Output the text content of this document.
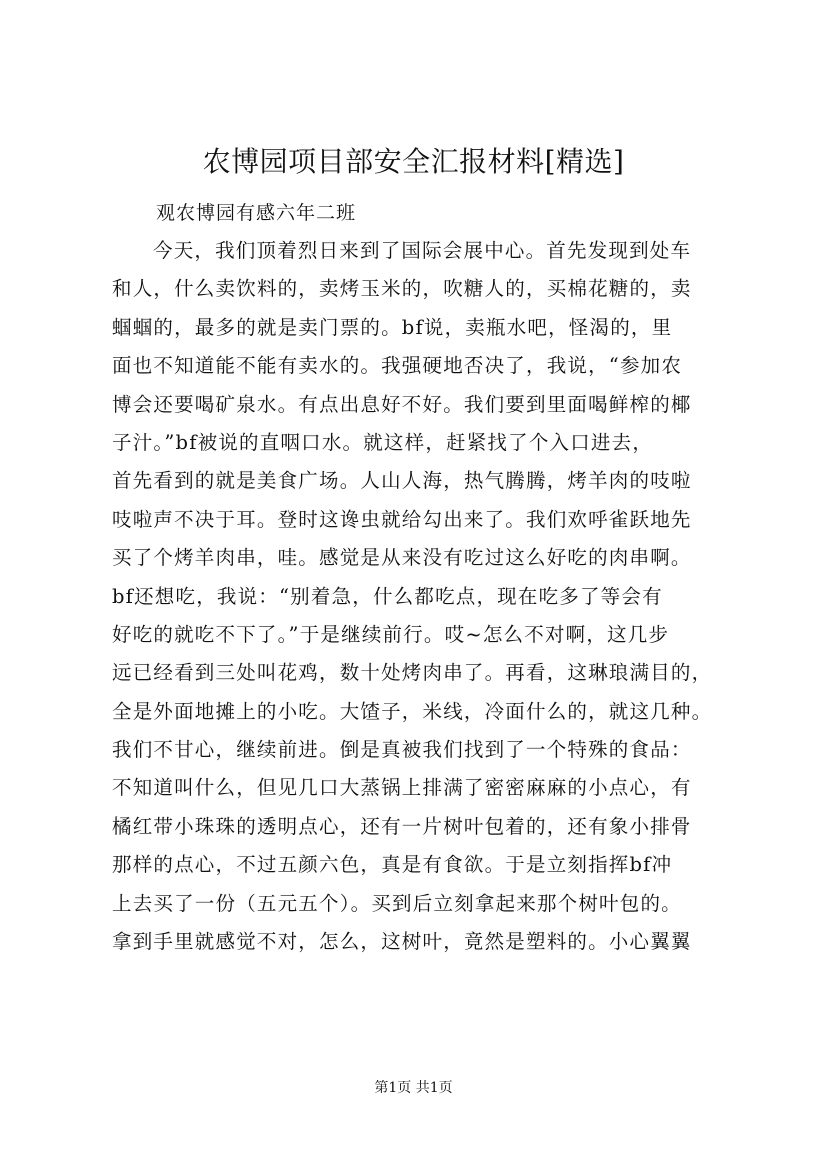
农博园项目部安全汇报材料[精选]
观农博园有感六年二班
今天，我们顶着烈日来到了国际会展中心。首先发现到处车
和人，什么卖饮料的，卖烤玉米的，吹糖人的，买棉花糖的，卖
蝈蝈的，最多的就是卖门票的。bf说，卖瓶水吧，怪渴的，里
面也不知道能不能有卖水的。我强硬地否决了，我说，“参加农
博会还要喝矿泉水。有点出息好不好。我们要到里面喝鲜榨的椰
子汁。”bf被说的直咽口水。就这样，赶紧找了个入口进去，
首先看到的就是美食广场。人山人海，热气腾腾，烤羊肉的吱啦
吱啦声不决于耳。登时这谗虫就给勾出来了。我们欢呼雀跃地先
买了个烤羊肉串，哇。感觉是从来没有吃过这么好吃的肉串啊。
bf还想吃，我说：“别着急，什么都吃点，现在吃多了等会有
好吃的就吃不下了。”于是继续前行。哎~怎么不对啊，这几步
远已经看到三处叫花鸡，数十处烤肉串了。再看，这琳琅满目的，
全是外面地摊上的小吃。大馇子，米线，冷面什么的，就这几种。
我们不甘心，继续前进。倒是真被我们找到了一个特殊的食品：
不知道叫什么，但见几口大蒸锅上排满了密密麻麻的小点心，有
橘红带小珠珠的透明点心，还有一片树叶包着的，还有象小排骨
那样的点心，不过五颜六色，真是有食欲。于是立刻指挥bf冲
上去买了一份（五元五个）。买到后立刻拿起来那个树叶包的。
拿到手里就感觉不对，怎么，这树叶，竟然是塑料的。小心翼翼
第1页 共1页
